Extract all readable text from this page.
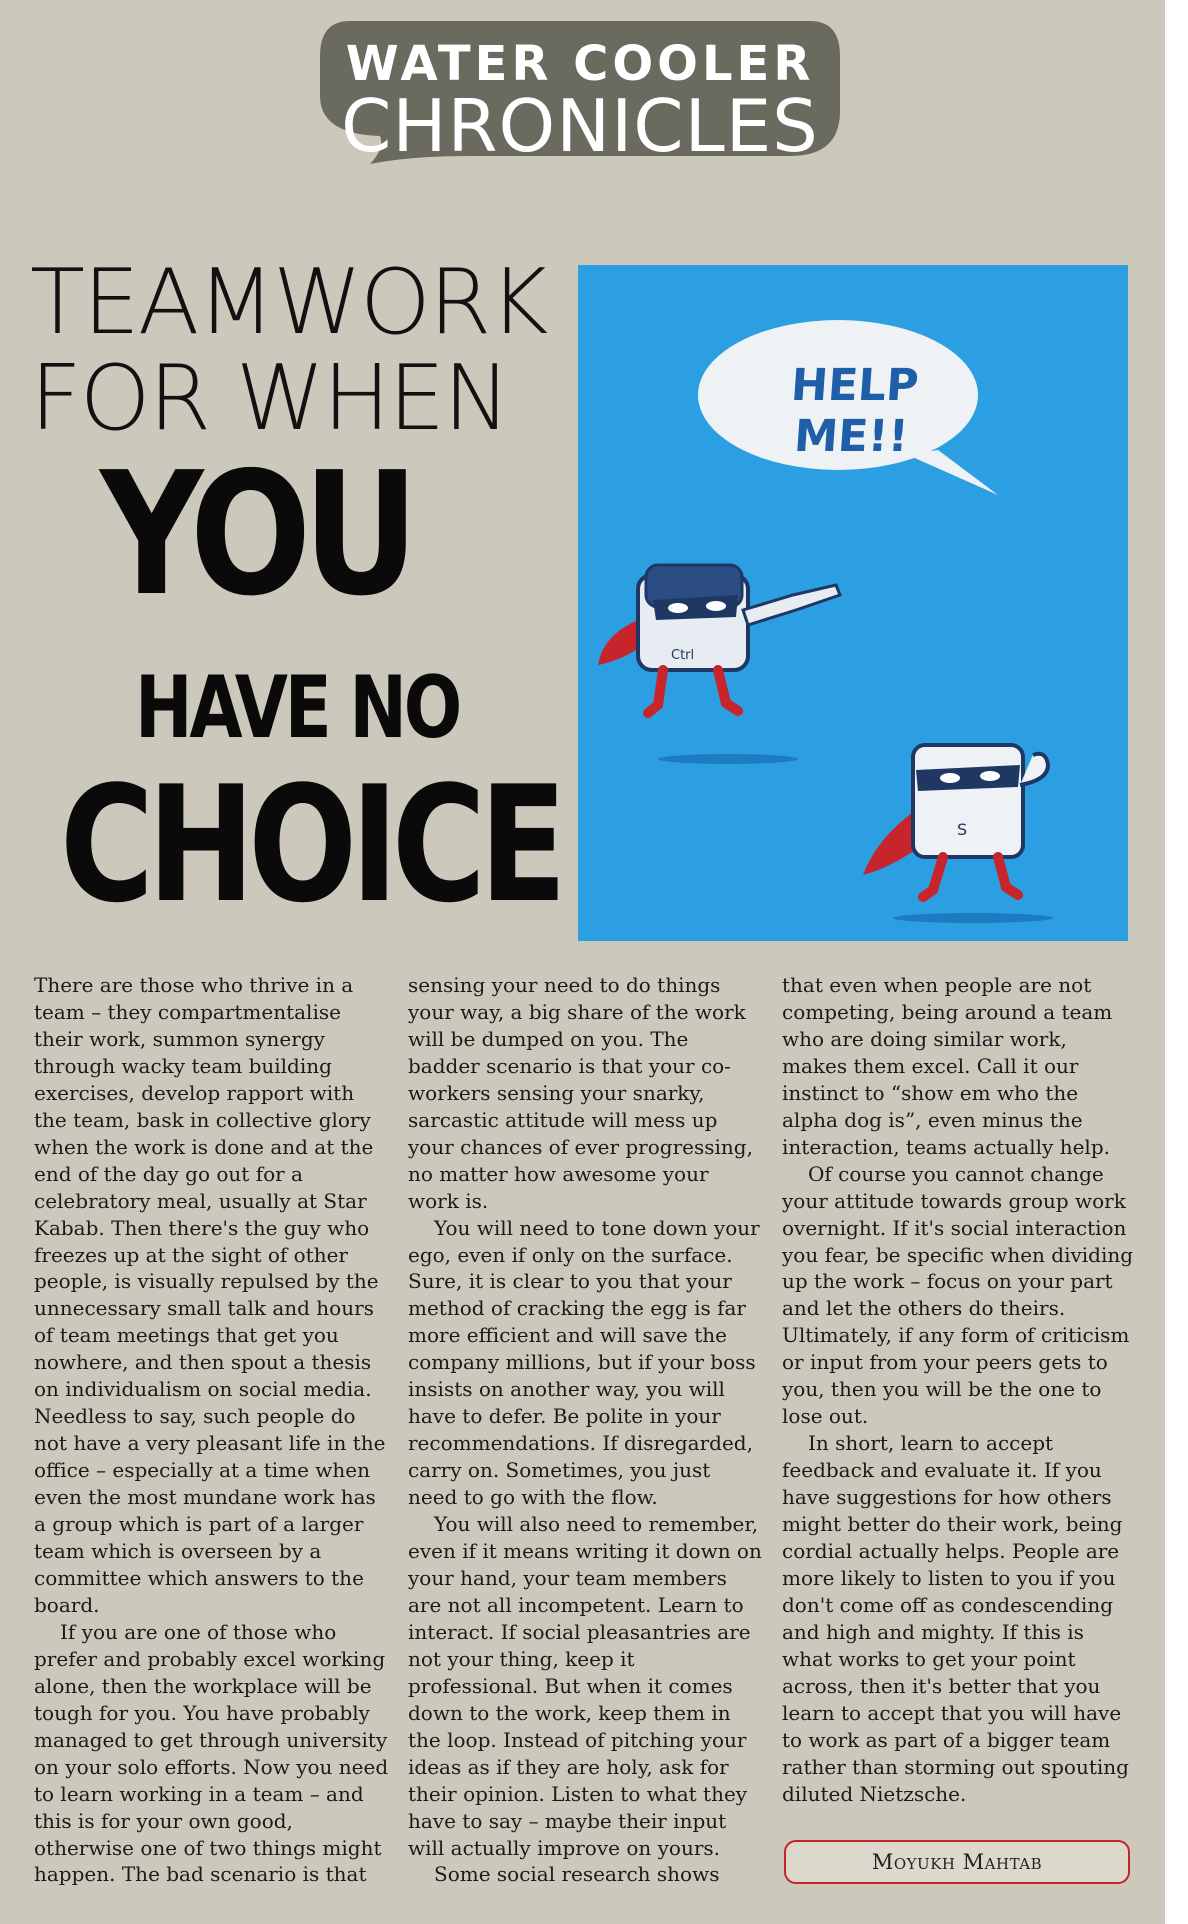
WATER COOLER
CHRONICLES
TEAMWORK
FOR WHEN
YOU
HAVE NO
CHOICE
HELP ME!!
Ctrl
S

There are those who thrive in a team – they compartmentalise their work, summon synergy through wacky team building exercises, develop rapport with the team, bask in collective glory when the work is done and at the end of the day go out for a celebratory meal, usually at Star Kabab. Then there's the guy who freezes up at the sight of other people, is visually repulsed by the unnecessary small talk and hours of team meetings that get you nowhere, and then spout a thesis on individualism on social media. Needless to say, such people do not have a very pleasant life in the office – especially at a time when even the most mundane work has a group which is part of a larger team which is overseen by a committee which answers to the board.

If you are one of those who prefer and probably excel working alone, then the workplace will be tough for you. You have probably managed to get through university on your solo efforts. Now you need to learn working in a team – and this is for your own good, otherwise one of two things might happen. The bad scenario is that

sensing your need to do things your way, a big share of the work will be dumped on you. The badder scenario is that your co-workers sensing your snarky, sarcastic attitude will mess up your chances of ever progressing, no matter how awesome your work is.

You will need to tone down your ego, even if only on the surface. Sure, it is clear to you that your method of cracking the egg is far more efficient and will save the company millions, but if your boss insists on another way, you will have to defer. Be polite in your recommendations. If disregarded, carry on. Sometimes, you just need to go with the flow.

You will also need to remember, even if it means writing it down on your hand, your team members are not all incompetent. Learn to interact. If social pleasantries are not your thing, keep it professional. But when it comes down to the work, keep them in the loop. Instead of pitching your ideas as if they are holy, ask for their opinion. Listen to what they have to say – maybe their input will actually improve on yours.

Some social research shows

that even when people are not competing, being around a team who are doing similar work, makes them excel. Call it our instinct to “show em who the alpha dog is”, even minus the interaction, teams actually help.

Of course you cannot change your attitude towards group work overnight. If it's social interaction you fear, be specific when dividing up the work – focus on your part and let the others do theirs. Ultimately, if any form of criticism or input from your peers gets to you, then you will be the one to lose out.

In short, learn to accept feedback and evaluate it. If you have suggestions for how others might better do their work, being cordial actually helps. People are more likely to listen to you if you don't come off as condescending and high and mighty. If this is what works to get your point across, then it's better that you learn to accept that you will have to work as part of a bigger team rather than storming out spouting diluted Nietzsche.

Moyukh Mahtab
